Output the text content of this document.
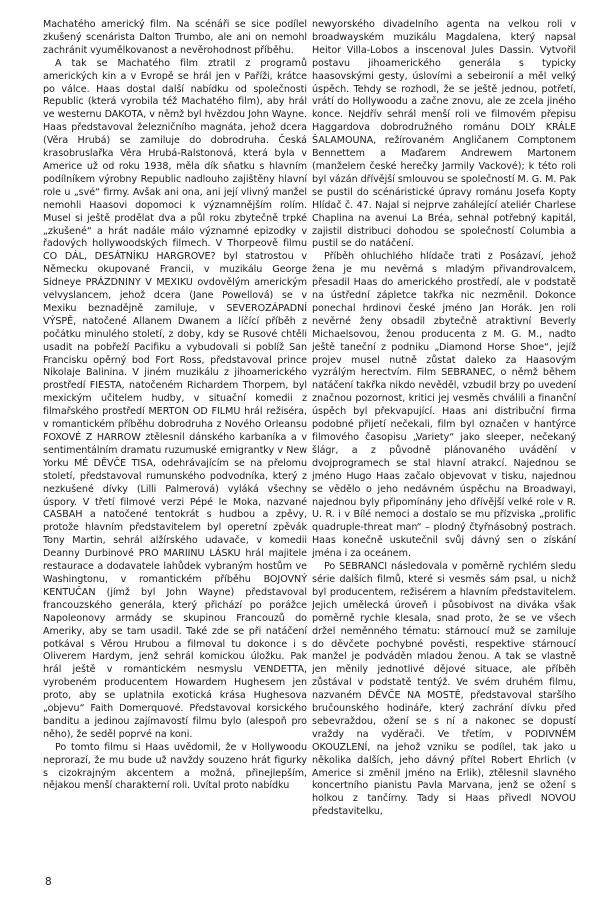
Machatého americký film. Na scénáři se sice podílel zkušený scenárista Dalton Trumbo, ale ani on nemohl zachránit vyumělkovanost a nevěrohodnost příběhu.

A tak se Machatého film ztratil z programů amerických kin a v Evropě se hrál jen v Paříži, krátce po válce. Haas dostal další nabídku od společnosti Republic (která vyrobila též Machatého film), aby hrál ve westernu DAKOTA, v němž byl hvězdou John Wayne. Haas představoval železničního magnáta, jehož dcera (Věra Hrubá) se zamiluje do dobrodruha. Česká krasobruslařka Věra Hrubá-Ralstonová, která byla v Americe už od roku 1938, měla dík sňatku s hlavním podílníkem výrobny Republic nadlouho zajištěny hlavní role u „své“ firmy. Avšak ani ona, ani její vlivný manžel nemohli Haasovi dopomoci k významnějším rolím. Musel si ještě prodělat dva a půl roku zbytečně trpké „zkušené“ a hrát nadále málo významné epizodky v řadových hollywoodských filmech. V Thorpeově filmu CO DÁL, DESÁTNÍKU HARGROVE? byl statrostou v Německu okupované Francii, v muzikálu George Sidneye PRÁZDNINY V MEXIKU ovdovělým americkým velvyslancem, jehož dcera (Jane Powellová) se v Mexiku beznadějně zamiluje, v SEVEROZÁPADNÍ VÝSPĚ, natočené Allanem Dwanem a líčící příběh z počátku minulého století, z doby, kdy se Rusové chtěli usadit na pobřeží Pacifiku a vybudovali si poblíž San Francisku opěrný bod Fort Ross, představoval prince Nikolaje Balinina. V jiném muzikálu z jihoamerického prostředí FIESTA, natočeném Richardem Thorpem, byl mexickým učitelem hudby, v situační komedii z filmařského prostředí MERTON OD FILMU hrál režiséra, v romantickém příběhu dobrodruha z Nového Orleansu FOXOVÉ Z HARROW ztělesnil dánského karbaníka a v sentimentálním dramatu ruzumuské emigrantky v New Yorku MÉ DĚVČE TISA, odehrávajícím se na přelomu století, představoval rumunského podvodníka, který z nezkušené dívky (Lilli Palmerová) vyláká všechny úspory. V třetí filmové verzi Pépé le Moka, nazvané CASBAH a natočené tentokrát s hudbou a zpěvy, protože hlavním představitelem byl operetní zpěvák Tony Martin, sehrál alžírského udavače, v komedii Deanny Durbinové PRO MARIINU LÁSKU hrál majitele restaurace a dodavatele lahůdek vybraným hostům ve Washingtonu, v romantickém příběhu BOJOVNÝ KENTUČAN (jímž byl John Wayne) představoval francouzského generála, který přichází po porážce Napoleonovy armády se skupinou Francouzů do Ameriky, aby se tam usadil. Také zde se při natáčení potkával s Věrou Hrubou a filmoval tu dokonce i s Oliverem Hardym, jenž sehrál komickou úložku. Pak hrál ještě v romantickém nesmyslu VENDETTA, vyrobeném producentem Howardem Hughesem jen proto, aby se uplatnila exotická krása Hughesova „objevu“ Faith Domerquové. Představoval korsického banditu a jedinou zajímavostí filmu bylo (alespoň pro něho), že seděl poprvé na koni.

Po tomto filmu si Haas uvědomil, že v Hollywoodu neprorazí, že mu bude už navždy souzeno hrát figurky s cizokrajným akcentem a možná, přinejlepším, nějakou menší charakterní roli. Uvítal proto nabídku

newyorského divadelního agenta na velkou roli v broadwayském muzikálu Magdalena, který napsal Heitor Villa-Lobos a inscenoval Jules Dassin. Vytvořil postavu jihoamerického generála s typicky haasovskými gesty, úslovími a sebeironií a měl velký úspěch. Tehdy se rozhodl, že se ještě jednou, potřetí, vrátí do Hollywoodu a začne znovu, ale ze zcela jiného konce. Nejdřív sehrál menší roli ve filmovém přepisu Haggardova dobrodružného románu DOLY KRÁLE ŠALAMOUNA, režírovaném Angličanem Comptonem Bennettem a Maďarem Andrewem Martonem (manželem české herečky Jarmily Vackové); k této roli byl vázán dřívější smlouvou se společností M. G. M. Pak se pustil do scénáristické úpravy románu Josefa Kopty Hlídač č. 47. Najal si nejprve zahálející ateliér Charlese Chaplina na avenui La Bréa, sehnal potřebný kapitál, zajistil distribuci dohodou se společností Columbia a pustil se do natáčení.

Příběh ohluchlého hlídače trati z Posázaví, jehož žena je mu nevěrná s mladým přivandrovalcem, přesadil Haas do amerického prostředí, ale v podstatě na ústřední zápletce takřka nic nezměnil. Dokonce ponechal hrdinovi české jméno Jan Horák. Jen roli nevěrné ženy obsadil zbytečně atraktivní Beverly Michaelsovou, ženou producenta z M. G. M., nadto ještě taneční z podniku „Diamond Horse Shoe“, jejíž projev musel nutně zůstat daleko za Haasovým vyzrálým herectvím. Film SEBRANEC, o němž během natáčení takřka nikdo nevěděl, vzbudil brzy po uvedení značnou pozornost, kritici jej vesměs chválili a finanční úspěch byl překvapující. Haas ani distribuční firma podobné přijetí nečekali, film byl označen v hantýrce filmového časopisu „Variety“ jako sleeper, nečekaný šlágr, a z původně plánovaného uvádění v dvojprogramech se stal hlavní atrakcí. Najednou se jméno Hugo Haas začalo objevovat v tisku, najednou se vědělo o jeho nedávném úspěchu na Broadwayi, najednou byly připomínány jeho dřívější velké role v R. U. R. i v Bílé nemoci a dostalo se mu přízviska „prolific quadruple-threat man“ – plodný čtyřnásobný postrach. Haas konečně uskutečnil svůj dávný sen o získání jména i za oceánem.

Po SEBRANCI následovala v poměrně rychlém sledu série dalších filmů, které si vesměs sám psal, u nichž byl producentem, režisérem a hlavním představitelem. Jejich umělecká úroveň i působivost na diváka však poměrně rychle klesala, snad proto, že se ve všech držel neměnného tématu: stárnoucí muž se zamiluje do děvčete pochybné pověsti, respektive stárnoucí manžel je podváděn mladou ženou. A tak se vlastně jen měnily jednotlivé dějové situace, ale příběh zůstával v podstatě tentýž. Ve svém druhém filmu, nazvaném DĚVČE NA MOSTĚ, představoval staršího bručounského hodináře, který zachrání dívku před sebevraždou, ožení se s ní a nakonec se dopustí vraždy na vyděrači. Ve třetím, v PODIVNÉM OKOUZLENÍ, na jehož vzniku se podílel, tak jako u několika dalších, jeho dávný přítel Robert Ehrlich (v Americe si změnil jméno na Erlik), ztělesnil slavného koncertního pianistu Pavla Marvana, jenž se ožení s holkou z tančírny. Tady si Haas přivedl NOVOU představitelku,

8
